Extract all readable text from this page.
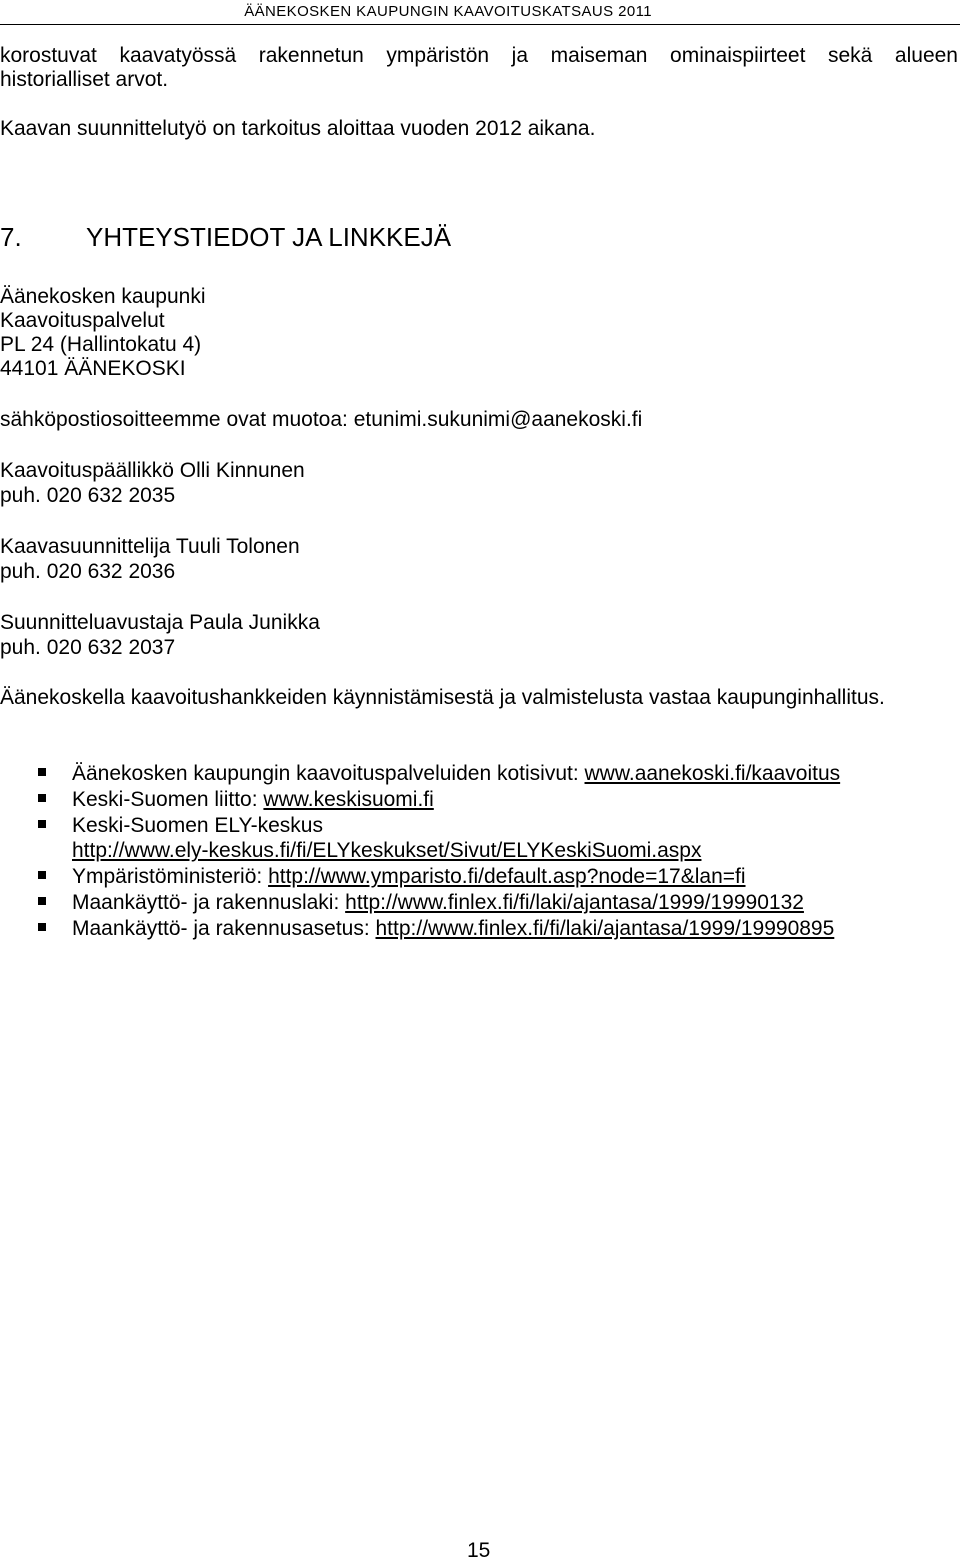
ÄÄNEKOSKEN KAUPUNGIN KAAVOITUSKATSAUS 2011
korostuvat kaavatyössä rakennetun ympäristön ja maiseman ominaispiirteet sekä alueen
historialliset arvot.
Kaavan suunnittelutyö on tarkoitus aloittaa vuoden 2012 aikana.
7. YHTEYSTIEDOT JA LINKKEJÄ
Äänekosken kaupunki
Kaavoituspalvelut
PL 24 (Hallintokatu 4)
44101 ÄÄNEKOSKI
sähköpostiosoitteemme ovat muotoa: etunimi.sukunimi@aanekoski.fi
Kaavoituspäällikkö Olli Kinnunen
puh. 020 632 2035
Kaavasuunnittelija Tuuli Tolonen
puh. 020 632 2036
Suunnitteluavustaja Paula Junikka
puh. 020 632 2037
Äänekoskella kaavoitushankkeiden käynnistämisestä ja valmistelusta vastaa kaupunginhallitus.
Äänekosken kaupungin kaavoituspalveluiden kotisivut: www.aanekoski.fi/kaavoitus
Keski-Suomen liitto: www.keskisuomi.fi
Keski-Suomen ELY-keskus
http://www.ely-keskus.fi/fi/ELYkeskukset/Sivut/ELYKeskiSuomi.aspx
Ympäristöministeriö: http://www.ymparisto.fi/default.asp?node=17&lan=fi
Maankäyttö- ja rakennuslaki: http://www.finlex.fi/fi/laki/ajantasa/1999/19990132
Maankäyttö- ja rakennusasetus: http://www.finlex.fi/fi/laki/ajantasa/1999/19990895
15
